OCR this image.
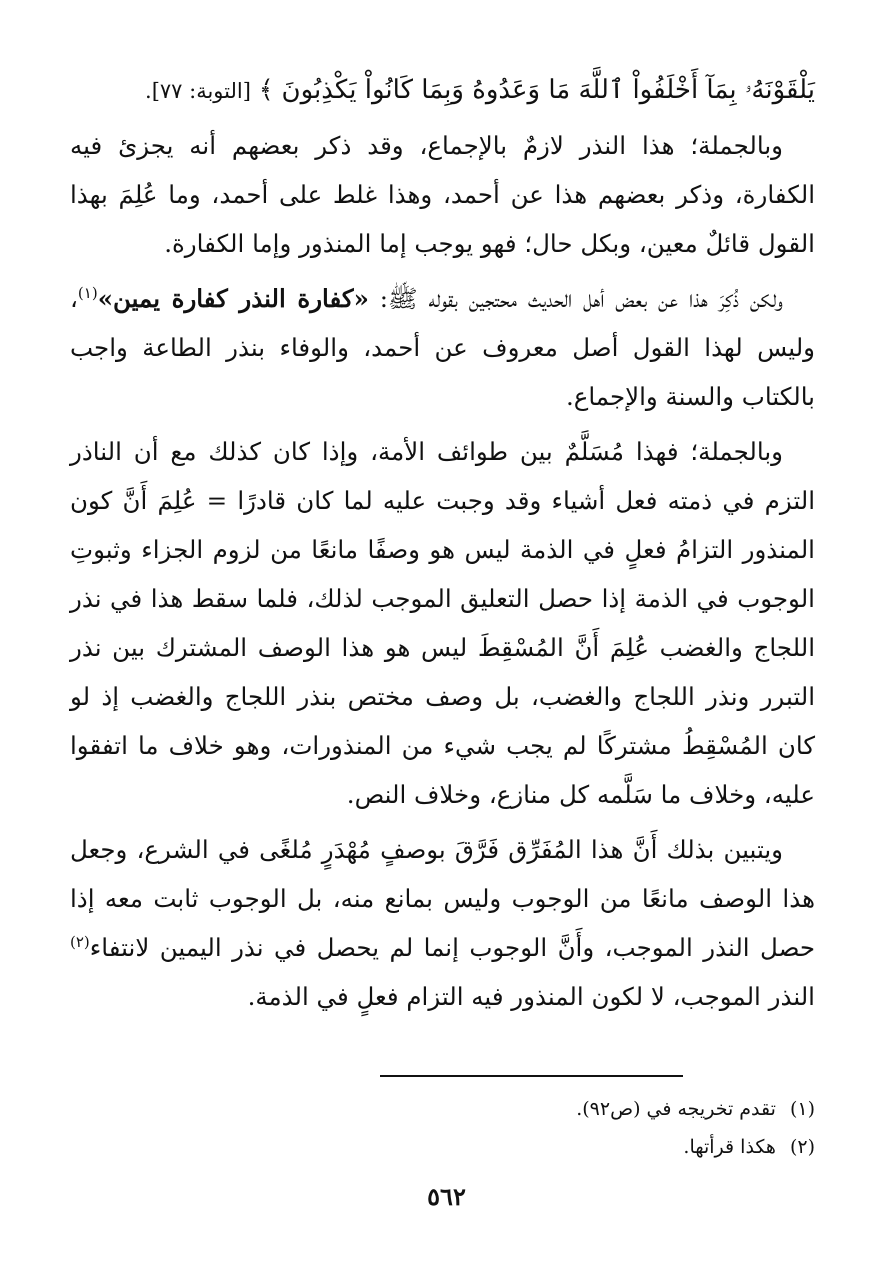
يَلْقَوْنَهُۥ بِمَآ أَخْلَفُواْ ٱللَّهَ مَا وَعَدُوهُ وَبِمَا كَانُواْ يَكْذِبُونَ ﴾ [التوبة: ٧٧].

وبالجملة؛ هذا النذر لازمٌ بالإجماع، وقد ذكر بعضهم أنه يجزئ فيه الكفارة، وذكر بعضهم هذا عن أحمد، وهذا غلط على أحمد، وما عُلِمَ بهذا القول قائلٌ معين، وبكل حال؛ فهو يوجب إما المنذور وإما الكفارة.

ولكن ذُكِرَ هذا عن بعض أهل الحديث محتجين بقوله ﷺ: «كفارة النذر كفارة يمين»$^{(١)}$، وليس لهذا القول أصل معروف عن أحمد، والوفاء بنذر الطاعة واجب بالكتاب والسنة والإجماع.

وبالجملة؛ فهذا مُسَلَّمٌ بين طوائف الأمة، وإذا كان كذلك مع أن الناذر التزم في ذمته فعل أشياء وقد وجبت عليه لما كان قادرًا = عُلِمَ أَنَّ كون المنذور التزامُ فعلٍ في الذمة ليس هو وصفًا مانعًا من لزوم الجزاء وثبوتِ الوجوب في الذمة إذا حصل التعليق الموجب لذلك، فلما سقط هذا في نذر اللجاج والغضب عُلِمَ أَنَّ المُسْقِطَ ليس هو هذا الوصف المشترك بين نذر التبرر ونذر اللجاج والغضب، بل وصف مختص بنذر اللجاج والغضب إذ لو كان المُسْقِطُ مشتركًا لم يجب شيء من المنذورات، وهو خلاف ما اتفقوا عليه، وخلاف ما سَلَّمه كل منازع، وخلاف النص.

ويتبين بذلك أَنَّ هذا المُفَرِّق فَرَّقَ بوصفٍ مُهْدَرٍ مُلغًى في الشرع، وجعل هذا الوصف مانعًا من الوجوب وليس بمانع منه، بل الوجوب ثابت معه إذا حصل النذر الموجب، وأَنَّ الوجوب إنما لم يحصل في نذر اليمين لانتفاء$^{(٢)}$ النذر الموجب، لا لكون المنذور فيه التزام فعلٍ في الذمة.

(١)تقدم تخريجه في (ص٩٢).

(٢)هكذا قرأتها.

٥٦٢
